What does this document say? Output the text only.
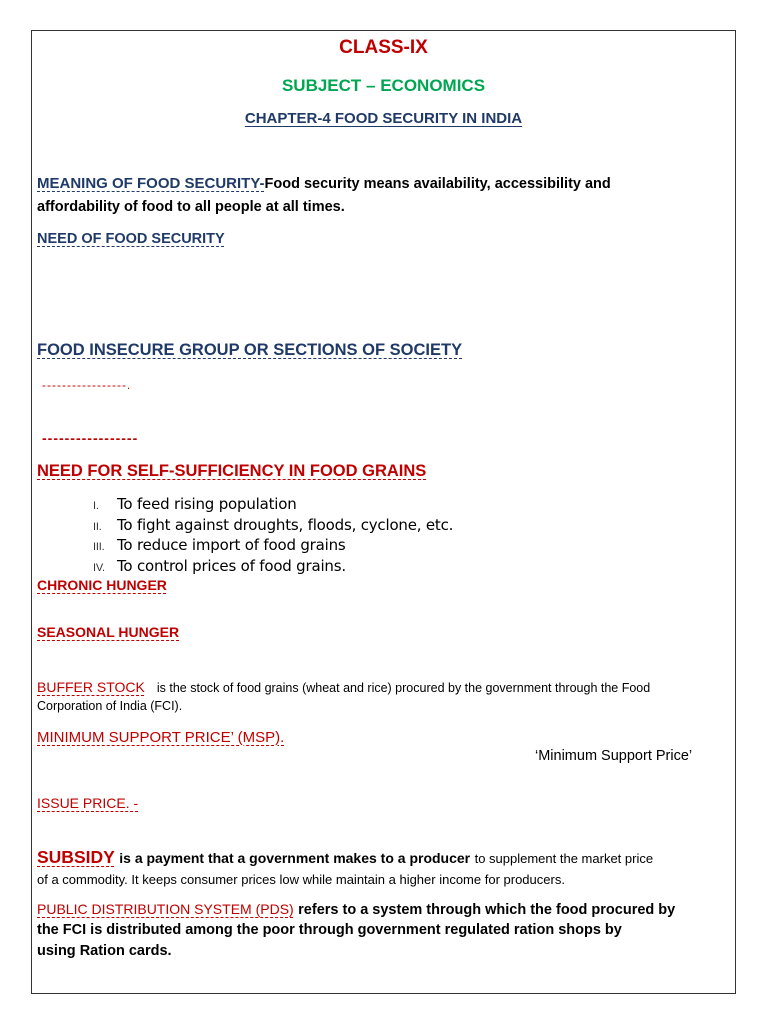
CLASS-IX
SUBJECT – ECONOMICS
CHAPTER-4 FOOD SECURITY IN INDIA
MEANING OF FOOD SECURITY-Food security means availability, accessibility and
affordability of food to all people at all times.
NEED OF FOOD SECURITY
FOOD INSECURE GROUP OR SECTIONS OF SOCIETY
-----------------.
-----------------
NEED FOR SELF-SUFFICIENCY IN FOOD GRAINS
I. To feed rising population
II. To fight against droughts, floods, cyclone, etc.
III. To reduce import of food grains
IV. To control prices of food grains.
CHRONIC HUNGER
SEASONAL HUNGER
BUFFER STOCK is the stock of food grains (wheat and rice) procured by the government through the Food
Corporation of India (FCI).
MINIMUM SUPPORT PRICE’ (MSP).
‘Minimum Support Price’
ISSUE PRICE. -
SUBSIDY is a payment that a government makes to a producer to supplement the market price
of a commodity. It keeps consumer prices low while maintain a higher income for producers.
PUBLIC DISTRIBUTION SYSTEM (PDS) refers to a system through which the food procured by
the FCI is distributed among the poor through government regulated ration shops by
using Ration cards.
